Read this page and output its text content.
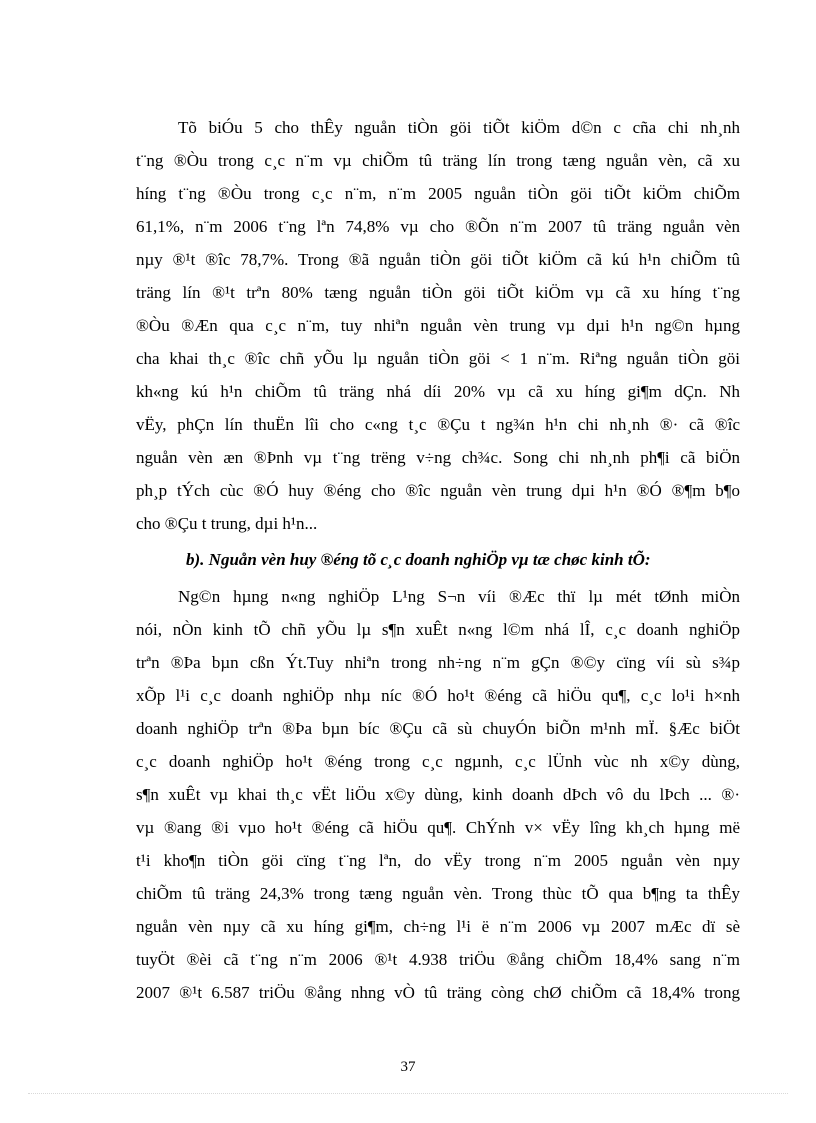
Tõ biÓu 5 cho thÊy nguån tiÒn göi tiÕt kiÖm d©n c cña chi nh¸nh
t¨ng ®Òu trong c¸c n¨m vµ chiÕm tû träng lín trong tæng nguån vèn, cã xu
híng t¨ng ®Òu trong c¸c n¨m, n¨m 2005 nguån tiÒn göi tiÕt kiÖm chiÕm
61,1%, n¨m 2006 t¨ng lªn 74,8% vµ cho ®Õn n¨m 2007 tû träng nguån vèn
nµy ®¹t ®îc 78,7%. Trong ®ã nguån tiÒn göi tiÕt kiÖm cã kú h¹n chiÕm tû
träng lín ®¹t trªn 80% tæng nguån tiÒn göi tiÕt kiÖm vµ cã xu híng t¨ng
®Òu ®Æn qua c¸c n¨m, tuy nhiªn nguån vèn trung vµ dµi h¹n ng©n hµng
cha khai th¸c ®îc chñ yÕu lµ nguån tiÒn göi < 1 n¨m. Riªng nguån tiÒn göi
kh«ng kú h¹n chiÕm tû träng nhá díi 20% vµ cã xu híng gi¶m dÇn. Nh
vËy, phÇn lín thuËn lîi cho c«ng t¸c ®Çu t ng¾n h¹n chi nh¸nh ®· cã ®îc
nguån vèn æn ®Þnh vµ t¨ng trëng v÷ng ch¾c. Song chi nh¸nh ph¶i cã biÖn
ph¸p tÝch cùc ®Ó huy ®éng cho ®îc nguån vèn trung dµi h¹n ®Ó ®¶m b¶o
cho ®Çu t trung, dµi h¹n...
b). Nguån vèn huy ®éng tõ c¸c doanh nghiÖp vµ tæ chøc kinh tÕ:
Ng©n hµng n«ng nghiÖp L¹ng S¬n víi ®Æc thï lµ mét tØnh miÒn
nói, nÒn kinh tÕ chñ yÕu lµ s¶n xuÊt n«ng l©m nhá lÎ, c¸c doanh nghiÖp
trªn ®Þa bµn cßn Ýt.Tuy nhiªn trong nh÷ng n¨m gÇn ®©y cïng víi sù s¾p
xÕp l¹i c¸c doanh nghiÖp nhµ níc ®Ó ho¹t ®éng cã hiÖu qu¶, c¸c lo¹i h×nh
doanh nghiÖp trªn ®Þa bµn bíc ®Çu cã sù chuyÓn biÕn m¹nh mÏ. §Æc biÖt
c¸c doanh nghiÖp ho¹t ®éng trong c¸c ngµnh, c¸c lÜnh vùc nh x©y dùng,
s¶n xuÊt vµ khai th¸c vËt liÖu x©y dùng, kinh doanh dÞch vô du lÞch ... ®·
vµ ®ang ®i vµo ho¹t ®éng cã hiÖu qu¶. ChÝnh v× vËy lîng kh¸ch hµng më
t¹i kho¶n tiÒn göi cïng t¨ng lªn, do vËy trong n¨m 2005 nguån vèn nµy
chiÕm tû träng 24,3% trong tæng nguån vèn. Trong thùc tÕ qua b¶ng ta thÊy
nguån vèn nµy cã xu híng gi¶m, ch÷ng l¹i ë n¨m 2006 vµ 2007 mÆc dï sè
tuyÖt ®èi cã t¨ng n¨m 2006 ®¹t 4.938 triÖu ®ång chiÕm 18,4% sang n¨m
2007 ®¹t 6.587 triÖu ®ång nhng vÒ tû träng còng chØ chiÕm cã 18,4% trong
37
